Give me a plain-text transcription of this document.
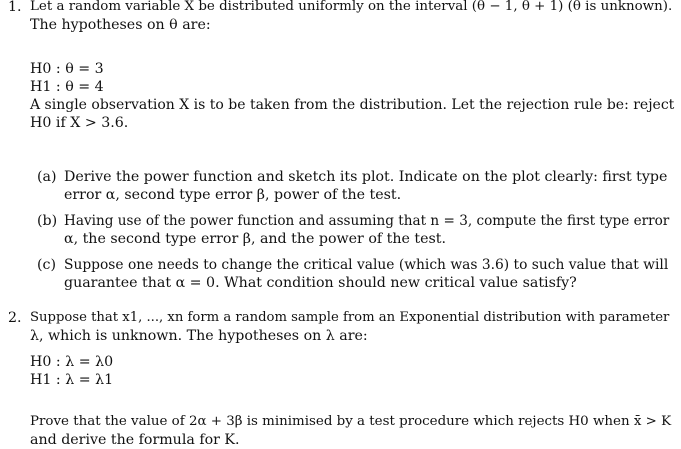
1. Let a random variable X be distributed uniformly on the interval (θ − 1, θ + 1) (θ is unknown).
The hypotheses on θ are:
H0 : θ = 3
H1 : θ = 4
A single observation X is to be taken from the distribution. Let the rejection rule be: reject
H0 if X > 3.6.
(a) Derive the power function and sketch its plot. Indicate on the plot clearly: first type
error α, second type error β, power of the test.
(b) Having use of the power function and assuming that n = 3, compute the first type error
α, the second type error β, and the power of the test.
(c) Suppose one needs to change the critical value (which was 3.6) to such value that will
guarantee that α = 0. What condition should new critical value satisfy?
2. Suppose that x1, ..., xn form a random sample from an Exponential distribution with parameter
λ, which is unknown. The hypotheses on λ are:
H0 : λ = λ0
H1 : λ = λ1
Prove that the value of 2α + 3β is minimised by a test procedure which rejects H0 when x̄ > K
and derive the formula for K.
